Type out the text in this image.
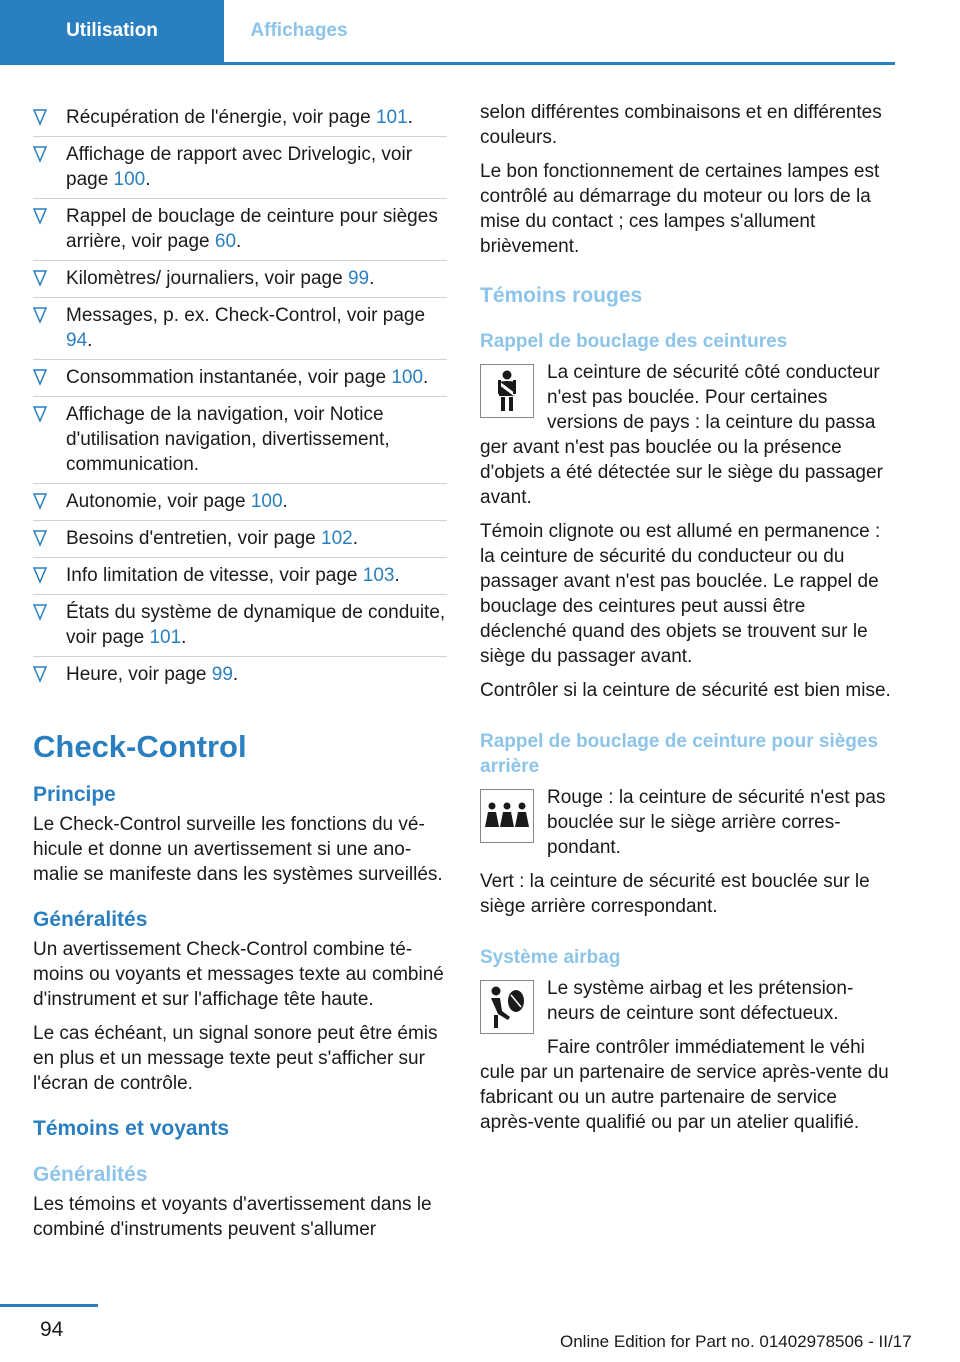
Utilisation	Affichages
Récupération de l'énergie, voir page 101.
Affichage de rapport avec Drivelogic, voir page 100.
Rappel de bouclage de ceinture pour sièges arrière, voir page 60.
Kilomètres/ journaliers, voir page 99.
Messages, p. ex. Check-Control, voir page 94.
Consommation instantanée, voir page 100.
Affichage de la navigation, voir Notice d'utilisation navigation, divertissement, communication.
Autonomie, voir page 100.
Besoins d'entretien, voir page 102.
Info limitation de vitesse, voir page 103.
États du système de dynamique de conduite, voir page 101.
Heure, voir page 99.
Check-Control
Principe

Le Check-Control surveille les fonctions du véhicule et donne un avertissement si une anomalie se manifeste dans les systèmes surveillés.

Généralités

Un avertissement Check-Control combine témoins ou voyants et messages texte au combiné d'instrument et sur l'affichage tête haute.

Le cas échéant, un signal sonore peut être émis en plus et un message texte peut s'afficher sur l'écran de contrôle.

Témoins et voyants
Généralités

Les témoins et voyants d'avertissement dans le combiné d'instruments peuvent s'allumer

selon différentes combinaisons et en différentes couleurs.

Le bon fonctionnement de certaines lampes est contrôlé au démarrage du moteur ou lors de la mise du contact ; ces lampes s'allument brièvement.

Témoins rouges
Rappel de bouclage des ceintures

La ceinture de sécurité côté conducteur n'est pas bouclée. Pour certaines versions de pays : la ceinture du passa

ger avant n'est pas bouclée ou la présence d'objets a été détectée sur le siège du passager avant.

Témoin clignote ou est allumé en permanence : la ceinture de sécurité du conducteur ou du passager avant n'est pas bouclée. Le rappel de bouclage des ceintures peut aussi être déclenché quand des objets se trouvent sur le siège du passager avant.

Contrôler si la ceinture de sécurité est bien mise.

Rappel de bouclage de ceinture pour sièges arrière

Rouge : la ceinture de sécurité n'est pas bouclée sur le siège arrière correspondant.

Vert : la ceinture de sécurité est bouclée sur le siège arrière correspondant.

Système airbag

Le système airbag et les prétensionneurs de ceinture sont défectueux.

Faire contrôler immédiatement le véhi

cule par un partenaire de service après-vente du fabricant ou un autre partenaire de service après-vente qualifié ou par un atelier qualifié.

94
Online Edition for Part no. 01402978506 - II/17
